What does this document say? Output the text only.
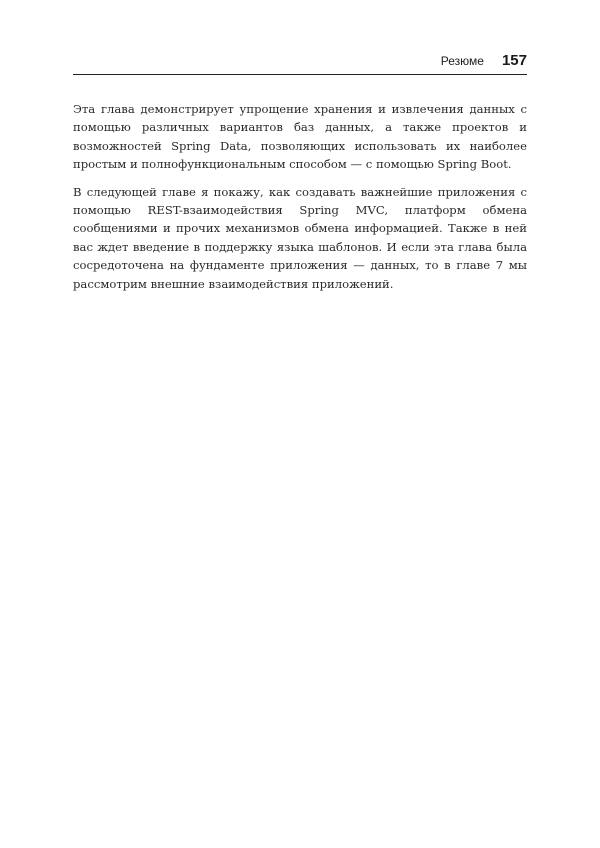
Резюме 157

Эта глава демонстрирует упрощение хранения и извлечения данных с помощью различных вариантов баз данных, а также проектов и возможностей Spring Data, позволяющих использовать их наиболее простым и полнофункциональным способом — с помощью Spring Boot.

В следующей главе я покажу, как создавать важнейшие приложения с помощью REST-взаимодействия Spring MVC, платформ обмена сообщениями и прочих механизмов обмена информацией. Также в ней вас ждет введение в поддержку языка шаблонов. И если эта глава была сосредоточена на фундаменте приложения — данных, то в главе 7 мы рассмотрим внешние взаимодействия приложений.
